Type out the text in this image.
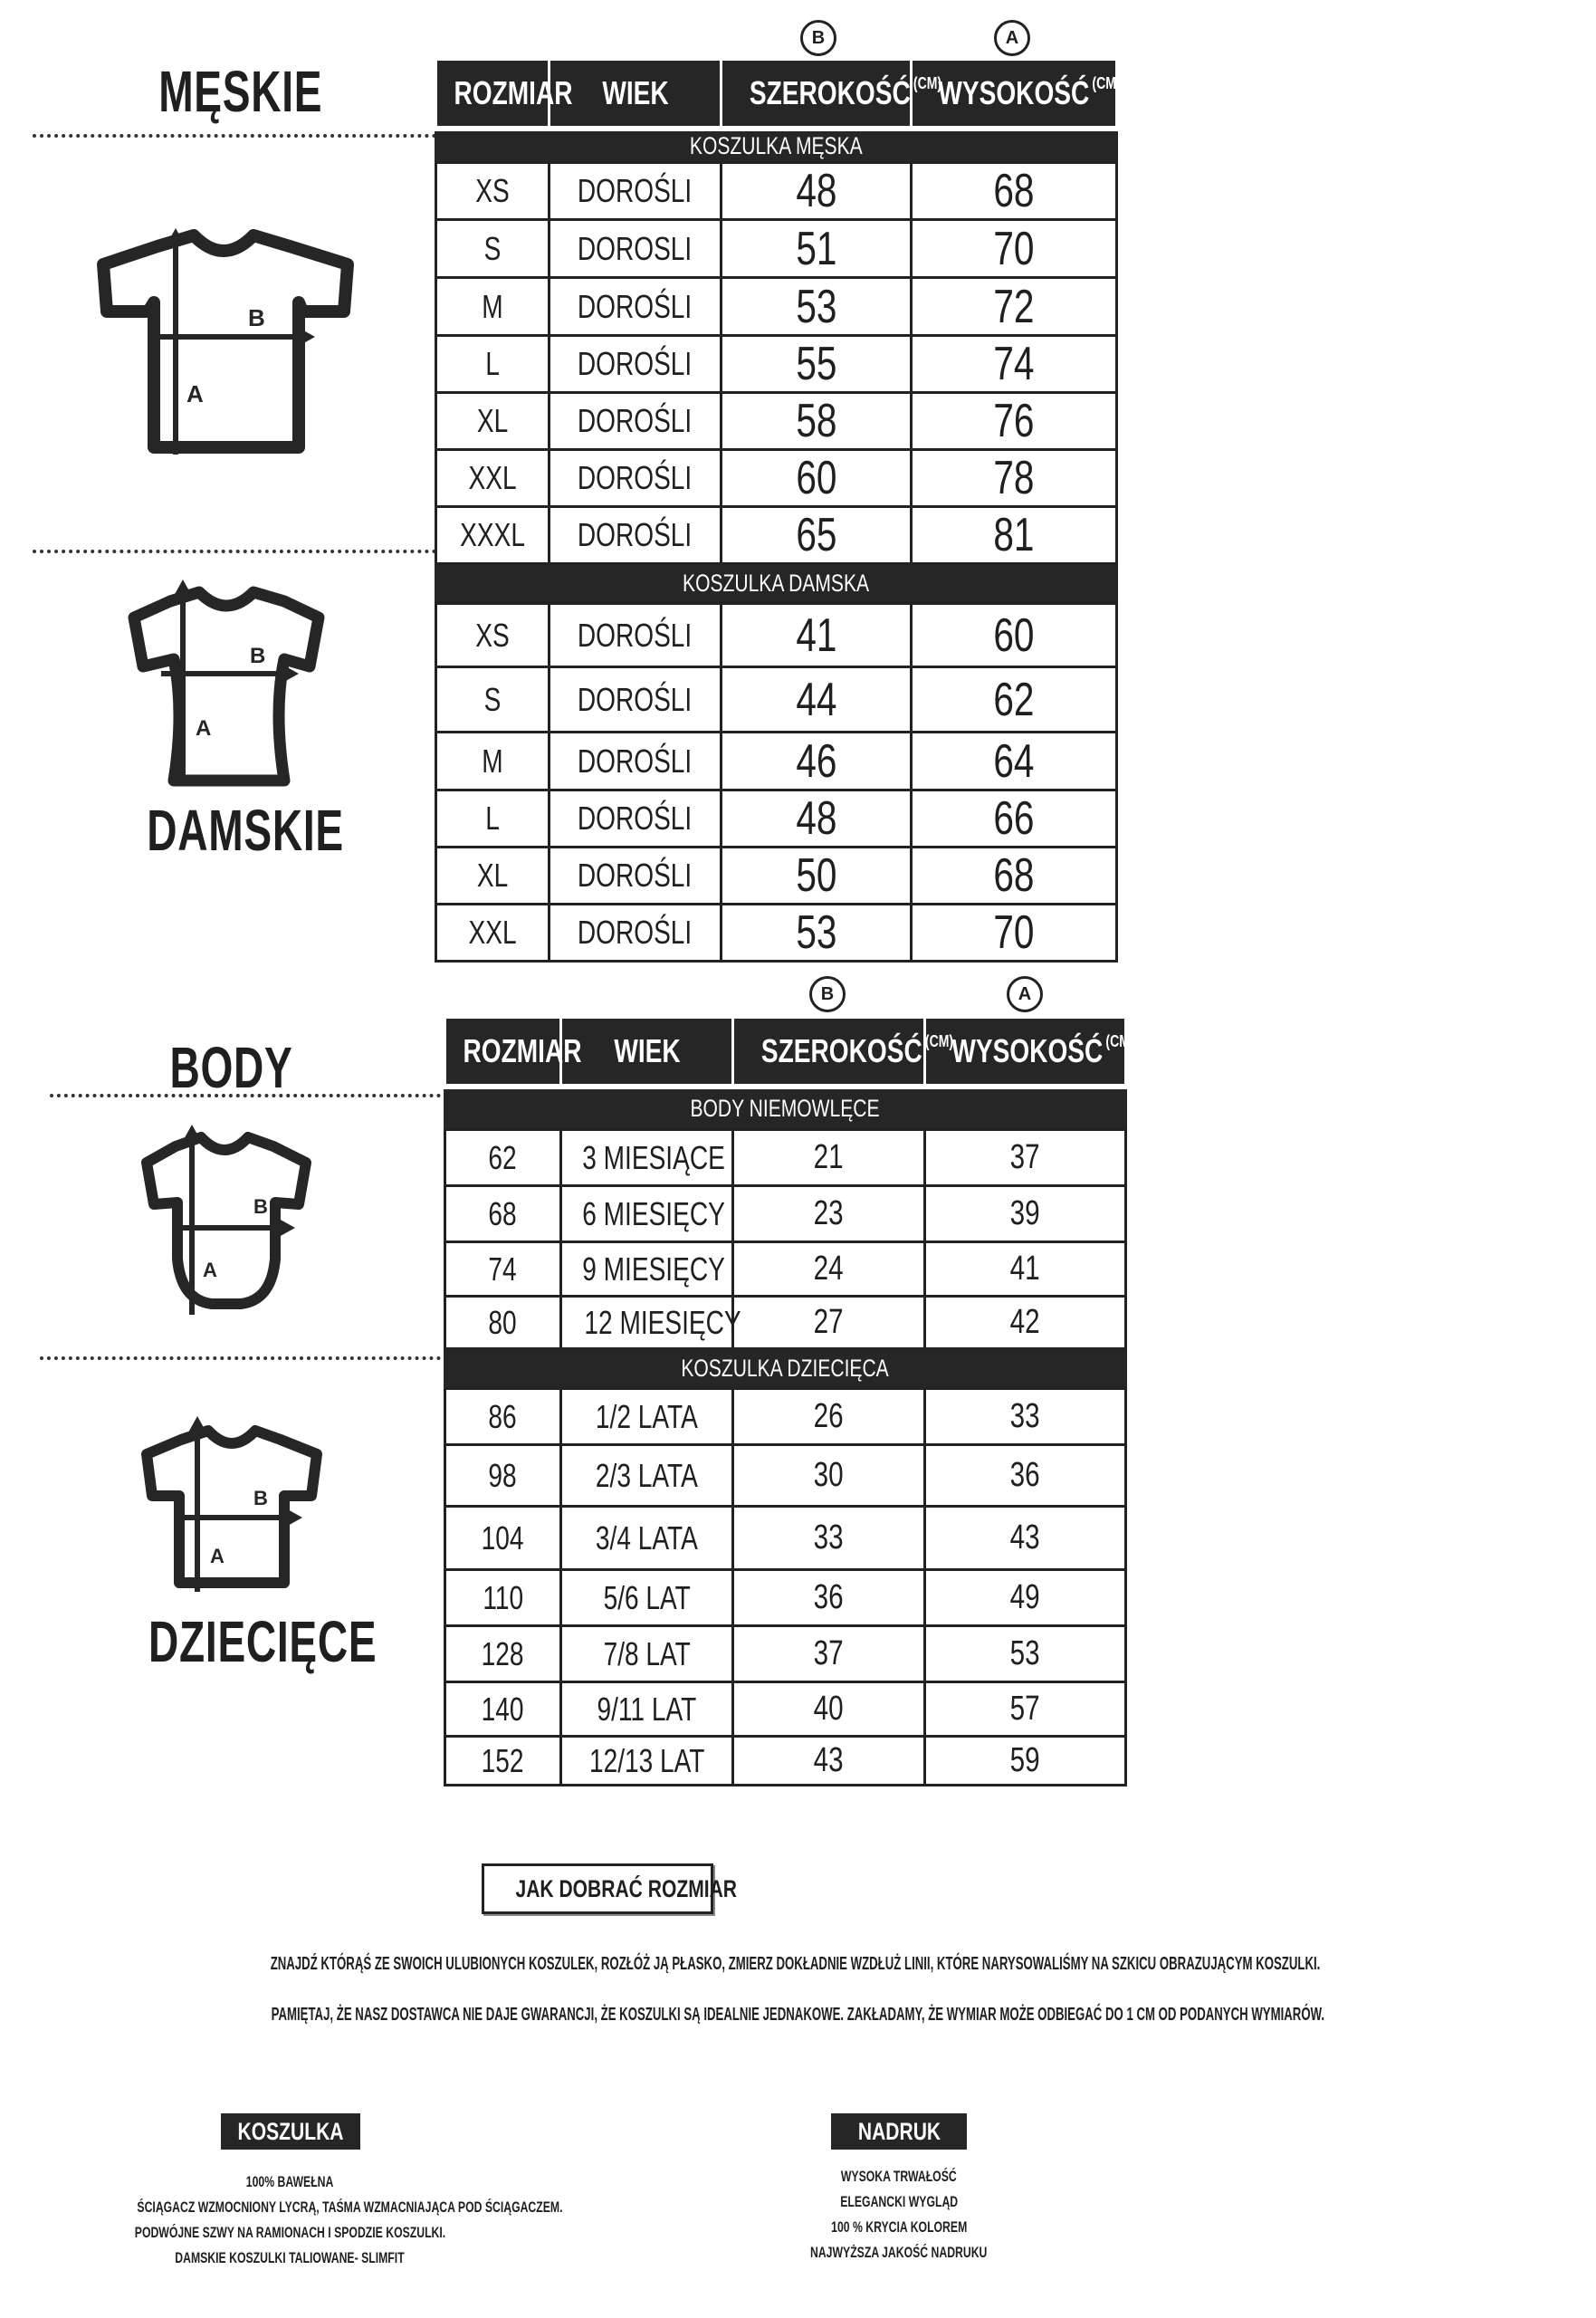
MĘSKIE
DAMSKIE
BODY
DZIECIĘCE
B
A
B
A
B
A
B
A
B	A
B	A
ROZMIAR	WIEK	SZEROKOŚĆ $^{(CM)}$	WYSOKOŚĆ $^{(CM)}$
KOSZULKA MĘSKA			
XS	DOROŚLI	48	68
S	DOROSLI	51	70
M	DOROŚLI	53	72
L	DOROŚLI	55	74
XL	DOROŚLI	58	76
XXL	DOROŚLI	60	78
XXXL	DOROŚLI	65	81
KOSZULKA DAMSKA			
XS	DOROŚLI	41	60
S	DOROŚLI	44	62
M	DOROŚLI	46	64
L	DOROŚLI	48	66
XL	DOROŚLI	50	68
XXL	DOROŚLI	53	70
ROZMIAR	WIEK	SZEROKOŚĆ $^{(CM)}$	WYSOKOŚĆ $^{(CM)}$
BODY NIEMOWLĘCE			
62	3 MIESIĄCE	21	37
68	6 MIESIĘCY	23	39
74	9 MIESIĘCY	24	41
80	12 MIESIĘCY	27	42
KOSZULKA DZIECIĘCA			
86	1/2 LATA	26	33
98	2/3 LATA	30	36
104	3/4 LATA	33	43
110	5/6 LAT	36	49
128	7/8 LAT	37	53
140	9/11 LAT	40	57
152	12/13 LAT	43	59
JAK DOBRAĆ ROZMIAR
ZNAJDŹ KTÓRĄŚ ZE SWOICH ULUBIONYCH KOSZULEK, ROZŁÓŻ JĄ PŁASKO, ZMIERZ DOKŁADNIE WZDŁUŻ LINII, KTÓRE NARYSOWALIŚMY NA SZKICU OBRAZUJĄCYM KOSZULKI.
PAMIĘTAJ, ŻE NASZ DOSTAWCA NIE DAJE GWARANCJI, ŻE KOSZULKI SĄ IDEALNIE JEDNAKOWE. ZAKŁADAMY, ŻE WYMIAR MOŻE ODBIEGAĆ DO 1 CM OD PODANYCH WYMIARÓW.
KOSZULKA
100% BAWEŁNA
ŚCIĄGACZ WZMOCNIONY LYCRĄ, TAŚMA WZMACNIAJĄCA POD ŚCIĄGACZEM.
PODWÓJNE SZWY NA RAMIONACH I SPODZIE KOSZULKI.
DAMSKIE KOSZULKI TALIOWANE- SLIMFIT
NADRUK
WYSOKA TRWAŁOŚĆ
ELEGANCKI WYGLĄD
100 % KRYCIA KOLOREM
NAJWYŻSZA JAKOŚĆ NADRUKU
